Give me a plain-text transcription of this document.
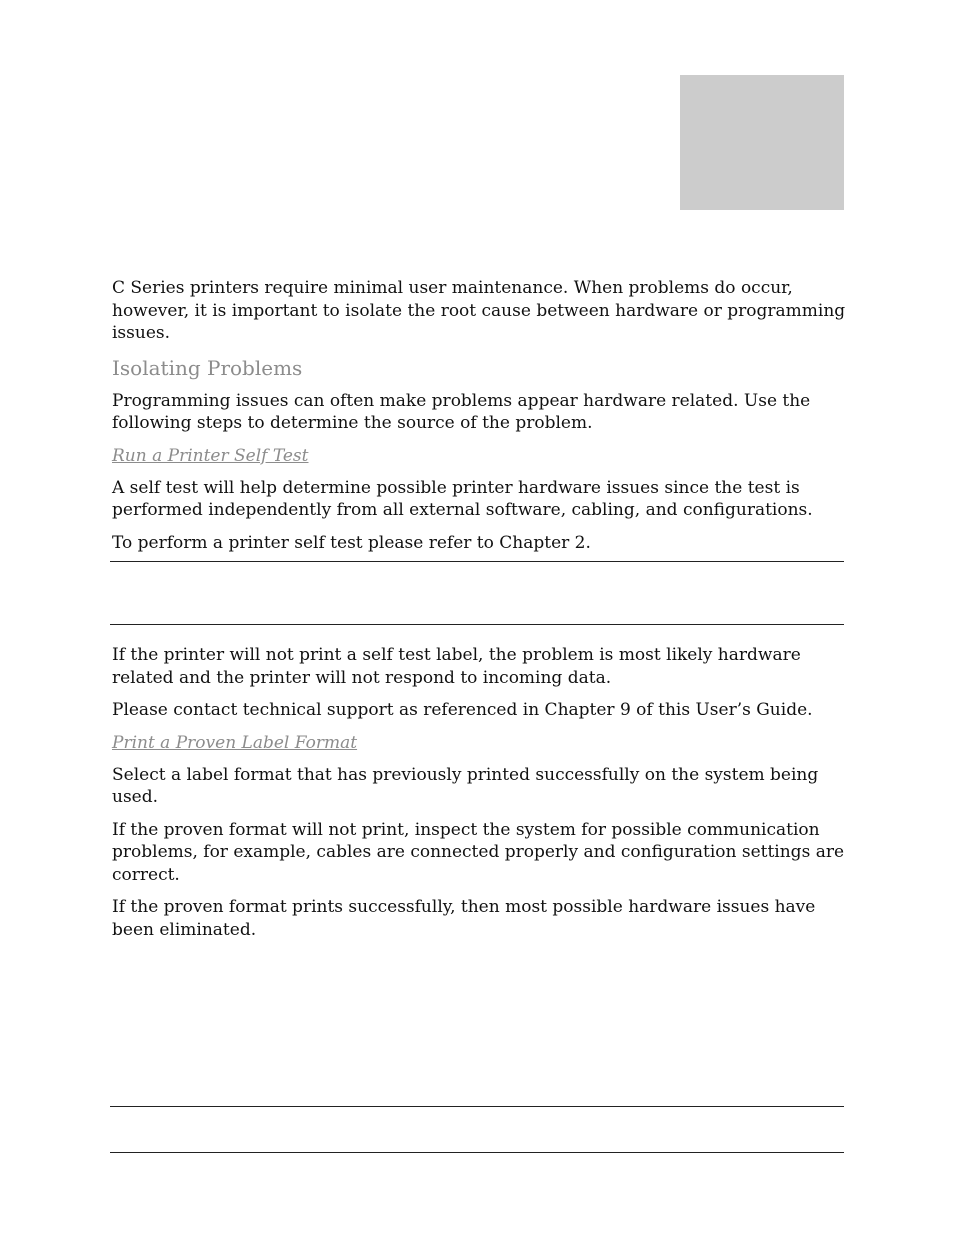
C Series printers require minimal user maintenance. When problems do occur, however, it is important to isolate the root cause between hardware or programming issues.

Isolating Problems

Programming issues can often make problems appear hardware related. Use the following steps to determine the source of the problem.

Run a Printer Self Test

A self test will help determine possible printer hardware issues since the test is performed independently from all external software, cabling, and configurations.

To perform a printer self test please refer to Chapter 2.

If the printer will not print a self test label, the problem is most likely hardware related and the printer will not respond to incoming data.

Please contact technical support as referenced in Chapter 9 of this User’s Guide.

Print a Proven Label Format

Select a label format that has previously printed successfully on the system being used.

If the proven format will not print, inspect the system for possible communication problems, for example, cables are connected properly and configuration settings are correct.

If the proven format prints successfully, then most possible hardware issues have been eliminated.
